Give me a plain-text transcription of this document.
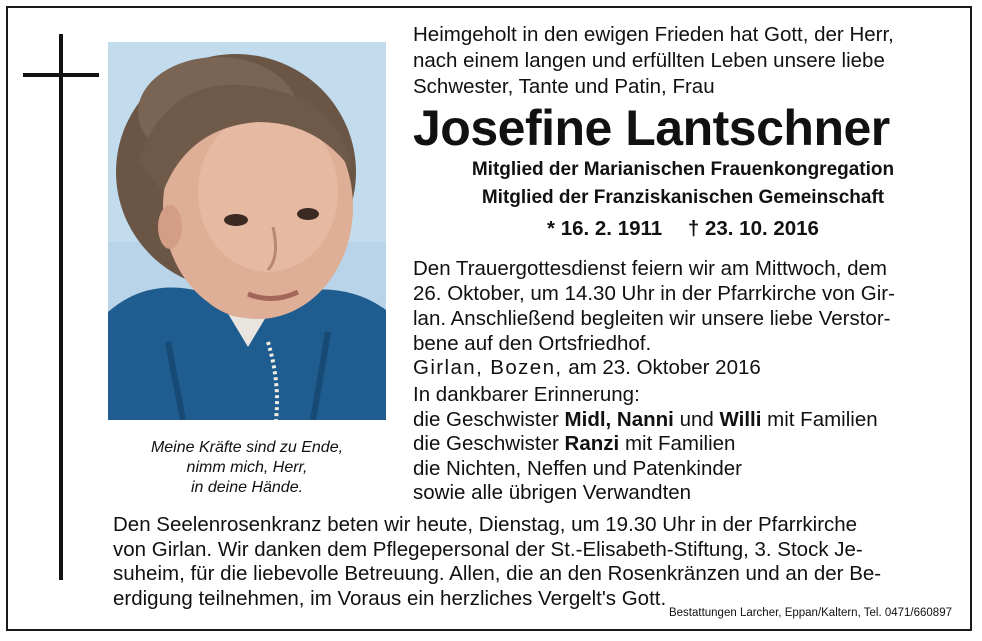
Meine Kräfte sind zu Ende,
nimm mich, Herr,
in deine Hände.
Heimgeholt in den ewigen Frieden hat Gott, der Herr,
nach einem langen und erfüllten Leben unsere liebe
Schwester, Tante und Patin, Frau
Josefine Lantschner
Mitglied der Marianischen Frauenkongregation
Mitglied der Franziskanischen Gemeinschaft
* 16. 2. 1911 † 23. 10. 2016
Den Trauergottesdienst feiern wir am Mittwoch, dem
26. Oktober, um 14.30 Uhr in der Pfarrkirche von Gir-
lan. Anschließend begleiten wir unsere liebe Verstor-
bene auf den Ortsfriedhof.
Girlan, Bozen, am 23. Oktober 2016
In dankbarer Erinnerung:
die Geschwister Midl, Nanni und Willi mit Familien
die Geschwister Ranzi mit Familien
die Nichten, Neffen und Patenkinder
sowie alle übrigen Verwandten
Den Seelenrosenkranz beten wir heute, Dienstag, um 19.30 Uhr in der Pfarrkirche
von Girlan. Wir danken dem Pflegepersonal der St.-Elisabeth-Stiftung, 3. Stock Je-
suheim, für die liebevolle Betreuung. Allen, die an den Rosenkränzen und an der Be-
erdigung teilnehmen, im Voraus ein herzliches Vergelt's Gott.
Bestattungen Larcher, Eppan/Kaltern, Tel. 0471/660897
